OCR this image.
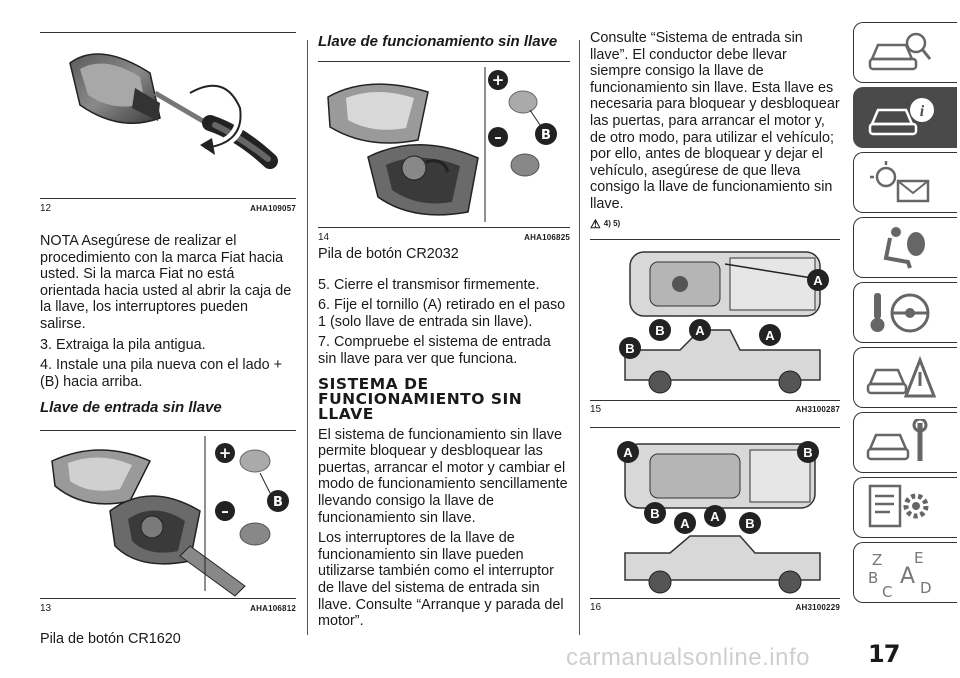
12	AHA109057

NOTA Asegúrese de realizar el procedimiento con la marca Fiat hacia usted. Si la marca Fiat no está orientada hacia usted al abrir la caja de la llave, los interruptores pueden salirse.

3. Extraiga la pila antigua.

4. Instale una pila nueva con el lado + (B) hacia arriba.

Llave de entrada sin llave
+
B
–
13	AHA106812

Pila de botón CR1620

Llave de funcionamiento sin llave
+
–	B
14	AHA106825

Pila de botón CR2032

5. Cierre el transmisor firmemente.

6. Fije el tornillo (A) retirado en el paso 1 (solo llave de entrada sin llave).

7. Compruebe el sistema de entrada sin llave para ver que funciona.

SISTEMA DE FUNCIONAMIENTO SIN LLAVE

El sistema de funcionamiento sin llave permite bloquear y desbloquear las puertas, arrancar el motor y cambiar el modo de funcionamiento sencillamente llevando consigo la llave de funcionamiento sin llave.

Los interruptores de la llave de funcionamiento sin llave pueden utilizarse también como el interruptor de llave del sistema de entrada sin llave. Consulte “Arranque y parada del motor”.

Consulte “Sistema de entrada sin llave”. El conductor debe llevar siempre consigo la llave de funcionamiento sin llave. Esta llave es necesaria para bloquear y desbloquear las puertas, para arrancar el motor y, de otro modo, para utilizar el vehículo; por ello, antes de bloquear y dejar el vehículo, asegúrese de que lleva consigo la llave de funcionamiento sin llave.

⚠ 4) 5)
A
B A	A
B
15	AH3100287
A	B
B
A A B
16	AH3100229
i
Z E
B A
C D
17
carmanualsonline.info
